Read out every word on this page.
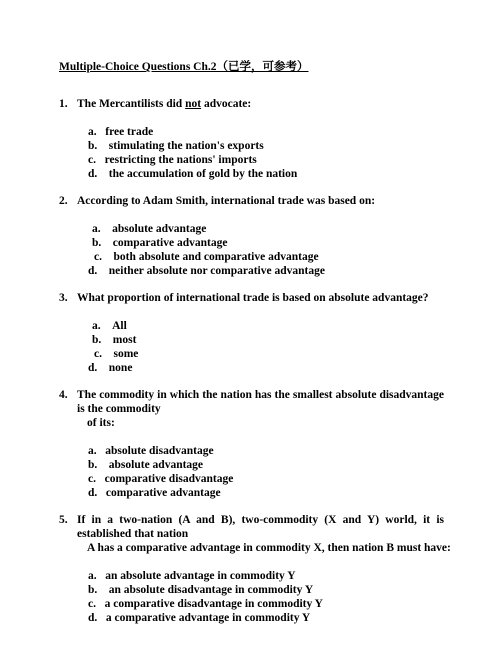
Multiple-Choice Questions Ch.2（已学，可参考）
1. The Mercantilists did not advocate:
a. free trade
b. stimulating the nation's exports
c. restricting the nations' imports
d. the accumulation of gold by the nation
2. According to Adam Smith, international trade was based on:
a. absolute advantage
b. comparative advantage
c. both absolute and comparative advantage
d. neither absolute nor comparative advantage
3. What proportion of international trade is based on absolute advantage?
a. All
b. most
c. some
d. none
4. The commodity in which the nation has the smallest absolute disadvantage is the commodity
of its:
a. absolute disadvantage
b. absolute advantage
c. comparative disadvantage
d. comparative advantage
5. If in a two-nation (A and B), two-commodity (X and Y) world, it is established that nation
A has a comparative advantage in commodity X, then nation B must have:
a. an absolute advantage in commodity Y
b. an absolute disadvantage in commodity Y
c. a comparative disadvantage in commodity Y
d. a comparative advantage in commodity Y
